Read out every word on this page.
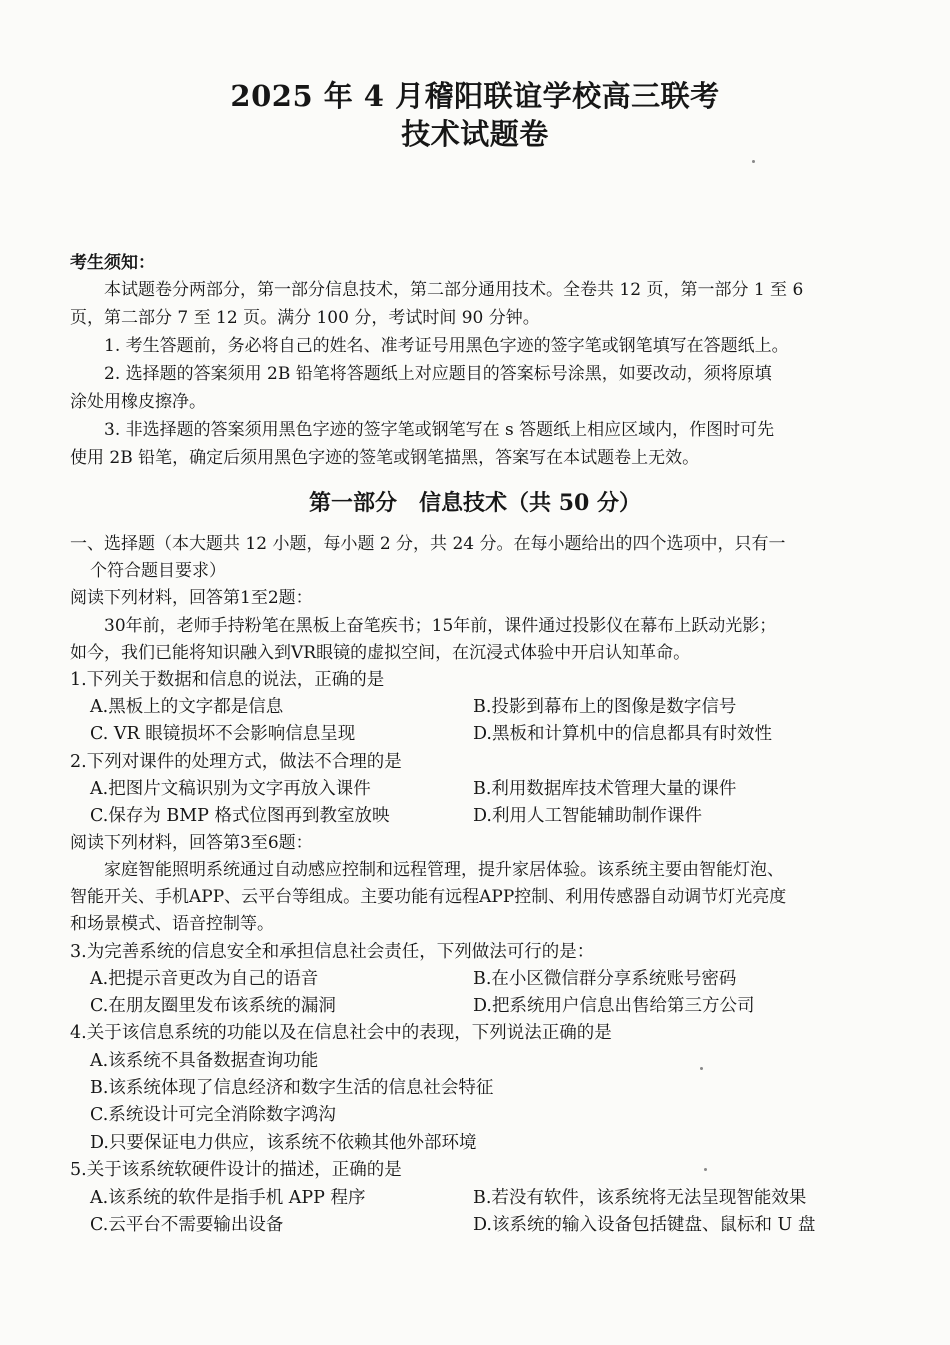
2025 年 4 月稽阳联谊学校高三联考
技术试题卷
考生须知：
本试题卷分两部分，第一部分信息技术，第二部分通用技术。全卷共 12 页，第一部分 1 至 6
页，第二部分 7 至 12 页。满分 100 分，考试时间 90 分钟。
1. 考生答题前，务必将自己的姓名、准考证号用黑色字迹的签字笔或钢笔填写在答题纸上。
2. 选择题的答案须用 2B 铅笔将答题纸上对应题目的答案标号涂黑，如要改动，须将原填
涂处用橡皮擦净。
3. 非选择题的答案须用黑色字迹的签字笔或钢笔写在 s 答题纸上相应区域内，作图时可先
使用 2B 铅笔，确定后须用黑色字迹的签笔或钢笔描黑，答案写在本试题卷上无效。
第一部分　信息技术（共 50 分）
一、选择题（本大题共 12 小题，每小题 2 分，共 24 分。在每小题给出的四个选项中，只有一
个符合题目要求）
阅读下列材料，回答第1至2题：
30年前，老师手持粉笔在黑板上奋笔疾书；15年前，课件通过投影仪在幕布上跃动光影；
如今，我们已能将知识融入到VR眼镜的虚拟空间，在沉浸式体验中开启认知革命。
1.下列关于数据和信息的说法，正确的是
A.黑板上的文字都是信息	B.投影到幕布上的图像是数字信号
C. VR 眼镜损坏不会影响信息呈现	D.黑板和计算机中的信息都具有时效性
2.下列对课件的处理方式，做法不合理的是
A.把图片文稿识别为文字再放入课件	B.利用数据库技术管理大量的课件
C.保存为 BMP 格式位图再到教室放映	D.利用人工智能辅助制作课件
阅读下列材料，回答第3至6题：
家庭智能照明系统通过自动感应控制和远程管理，提升家居体验。该系统主要由智能灯泡、
智能开关、手机APP、云平台等组成。主要功能有远程APP控制、利用传感器自动调节灯光亮度
和场景模式、语音控制等。
3.为完善系统的信息安全和承担信息社会责任，下列做法可行的是：
A.把提示音更改为自己的语音	B.在小区微信群分享系统账号密码
C.在朋友圈里发布该系统的漏洞	D.把系统用户信息出售给第三方公司
4.关于该信息系统的功能以及在信息社会中的表现，下列说法正确的是
A.该系统不具备数据查询功能
B.该系统体现了信息经济和数字生活的信息社会特征
C.系统设计可完全消除数字鸿沟
D.只要保证电力供应，该系统不依赖其他外部环境
5.关于该系统软硬件设计的描述，正确的是
A.该系统的软件是指手机 APP 程序	B.若没有软件，该系统将无法呈现智能效果
C.云平台不需要输出设备	D.该系统的输入设备包括键盘、鼠标和 U 盘
